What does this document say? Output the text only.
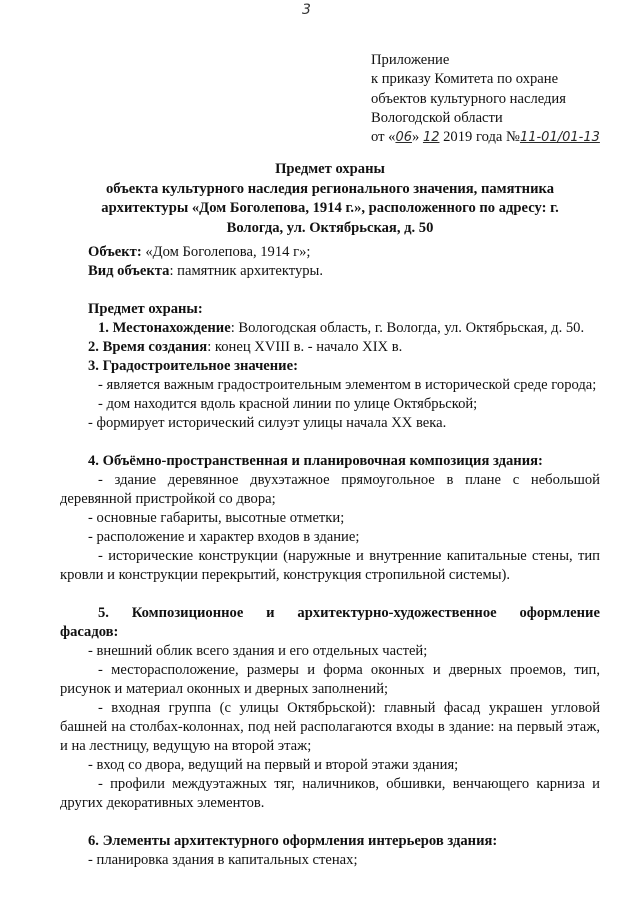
3
Приложение
к приказу Комитета по охране
объектов культурного наследия
Вологодской области
от «06» 12 2019 года №11-01/01-13
Предмет охраны
объекта культурного наследия регионального значения, памятника
архитектуры «Дом Боголепова, 1914 г.», расположенного по адресу: г.
Вологда, ул. Октябрьская, д. 50

Объект: «Дом Боголепова, 1914 г»;

Вид объекта: памятник архитектуры.

Предмет охраны:

1. Местонахождение: Вологодская область, г. Вологда, ул. Октябрьская, д. 50.

2. Время создания: конец XVIII в. - начало XIX в.

3. Градостроительное значение:

- является важным градостроительным элементом в исторической среде города;

- дом находится вдоль красной линии по улице Октябрьской;

- формирует исторический силуэт улицы начала XX века.

4. Объёмно-пространственная и планировочная композиция здания:

- здание деревянное двухэтажное прямоугольное в плане с небольшой деревянной пристройкой со двора;

- основные габариты, высотные отметки;

- расположение и характер входов в здание;

- исторические конструкции (наружные и внутренние капитальные стены, тип кровли и конструкции перекрытий, конструкция стропильной системы).

5. Композиционное и архитектурно-художественное оформление

фасадов:

- внешний облик всего здания и его отдельных частей;

- месторасположение, размеры и форма оконных и дверных проемов, тип, рисунок и материал оконных и дверных заполнений;

- входная группа (с улицы Октябрьской): главный фасад украшен угловой башней на столбах-колоннах, под ней располагаются входы в здание: на первый этаж, и на лестницу, ведущую на второй этаж;

- вход со двора, ведущий на первый и второй этажи здания;

- профили междуэтажных тяг, наличников, обшивки, венчающего карниза и других декоративных элементов.

6. Элементы архитектурного оформления интерьеров здания:

- планировка здания в капитальных стенах;
